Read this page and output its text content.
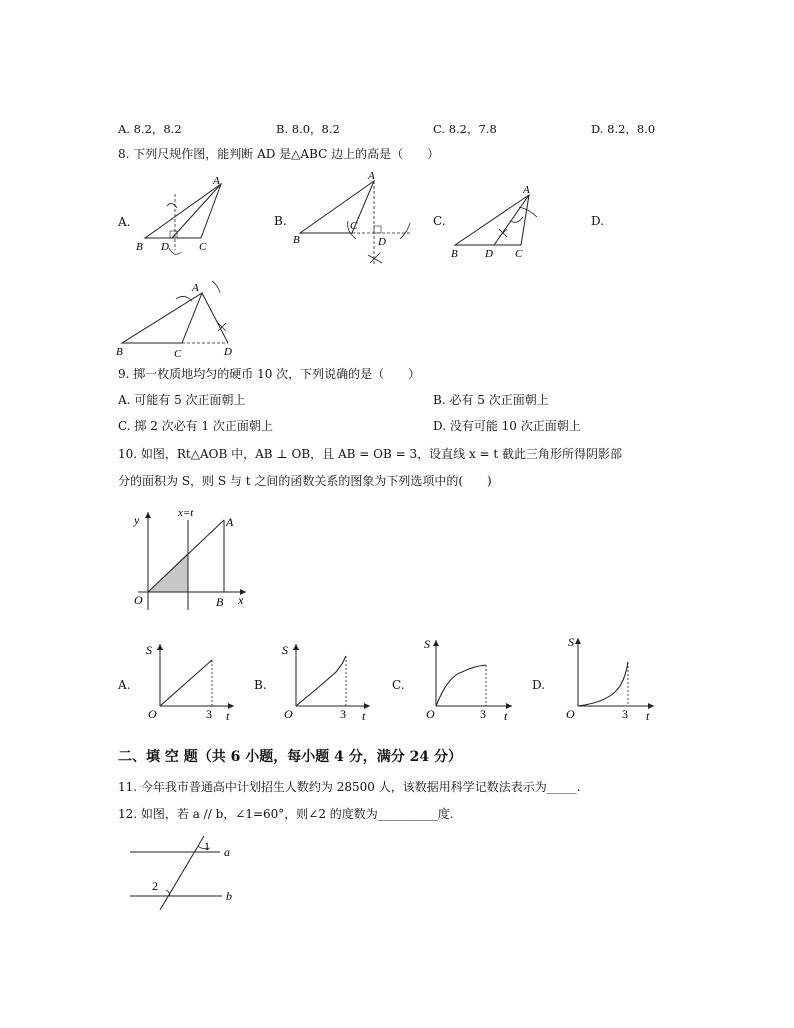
A. 8.2，8.2	B. 8.0，8.2	C. 8.2，7.8	D. 8.2，8.0
8. 下列尺规作图，能判断 AD 是△ABC 边上的高是（　　）
A.
A
B D	C
B.
A
B
C
D
C.
A
B D C
D.
A
B	C	D
9. 掷一枚质地均匀的硬币 10 次，下列说确的是（　　）
A. 可能有 5 次正面朝上	B. 必有 5 次正面朝上
C. 掷 2 次必有 1 次正面朝上	D. 没有可能 10 次正面朝上
10. 如图，Rt△AOB 中，AB ⊥ OB，且 AB = OB = 3，设直线 x = t 截此三角形所得阴影部
分的面积为 S，则 S 与 t 之间的函数关系的图象为下列选项中的(　　)
y
x
x=t
A
O	B
A.
S
O	3 t
B.
S
O	3 t
C.
S
O	3 t
D.
S
O	3 t
二、填 空 题（共 6 小题，每小题 4 分，满分 24 分）
11. 今年我市普通高中计划招生人数约为 28500 人，该数据用科学记数法表示为_____.
12. 如图，若 a // b，∠1=60°，则∠2 的度数为__________度.
1
2
a
b
